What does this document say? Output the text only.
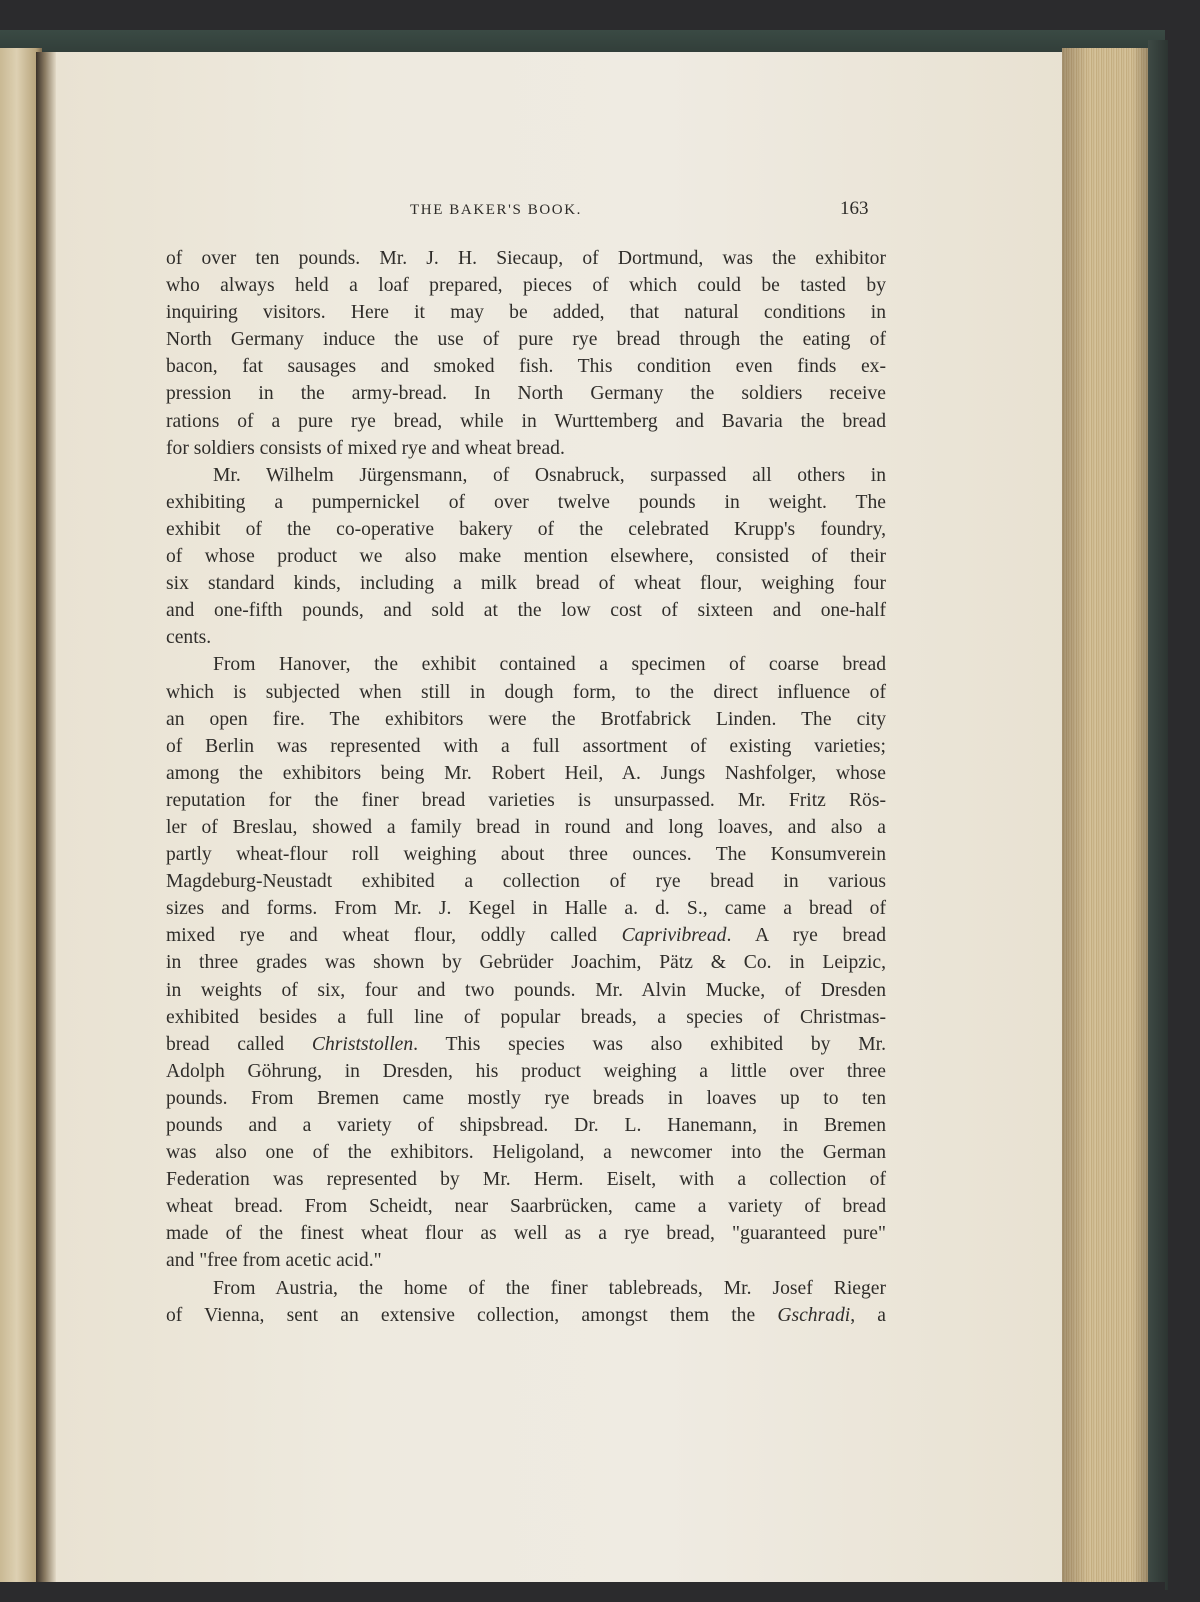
THE BAKER'S BOOK.	163
of over ten pounds. Mr. J. H. Siecaup, of Dortmund, was the exhibitor
who always held a loaf prepared, pieces of which could be tasted by
inquiring visitors. Here it may be added, that natural conditions in
North Germany induce the use of pure rye bread through the eating of
bacon, fat sausages and smoked fish. This condition even finds ex-
pression in the army-bread. In North Germany the soldiers receive
rations of a pure rye bread, while in Wurttemberg and Bavaria the bread
for soldiers consists of mixed rye and wheat bread.
Mr. Wilhelm Jürgensmann, of Osnabruck, surpassed all others in
exhibiting a pumpernickel of over twelve pounds in weight. The
exhibit of the co-operative bakery of the celebrated Krupp's foundry,
of whose product we also make mention elsewhere, consisted of their
six standard kinds, including a milk bread of wheat flour, weighing four
and one-fifth pounds, and sold at the low cost of sixteen and one-half
cents.
From Hanover, the exhibit contained a specimen of coarse bread
which is subjected when still in dough form, to the direct influence of
an open fire. The exhibitors were the Brotfabrick Linden. The city
of Berlin was represented with a full assortment of existing varieties;
among the exhibitors being Mr. Robert Heil, A. Jungs Nashfolger, whose
reputation for the finer bread varieties is unsurpassed. Mr. Fritz Rös-
ler of Breslau, showed a family bread in round and long loaves, and also a
partly wheat-flour roll weighing about three ounces. The Konsumverein
Magdeburg-Neustadt exhibited a collection of rye bread in various
sizes and forms. From Mr. J. Kegel in Halle a. d. S., came a bread of
mixed rye and wheat flour, oddly called Caprivibread. A rye bread
in three grades was shown by Gebrüder Joachim, Pätz & Co. in Leipzic,
in weights of six, four and two pounds. Mr. Alvin Mucke, of Dresden
exhibited besides a full line of popular breads, a species of Christmas-
bread called Christstollen. This species was also exhibited by Mr.
Adolph Göhrung, in Dresden, his product weighing a little over three
pounds. From Bremen came mostly rye breads in loaves up to ten
pounds and a variety of shipsbread. Dr. L. Hanemann, in Bremen
was also one of the exhibitors. Heligoland, a newcomer into the German
Federation was represented by Mr. Herm. Eiselt, with a collection of
wheat bread. From Scheidt, near Saarbrücken, came a variety of bread
made of the finest wheat flour as well as a rye bread, "guaranteed pure"
and "free from acetic acid."
From Austria, the home of the finer tablebreads, Mr. Josef Rieger
of Vienna, sent an extensive collection, amongst them the Gschradi, a
